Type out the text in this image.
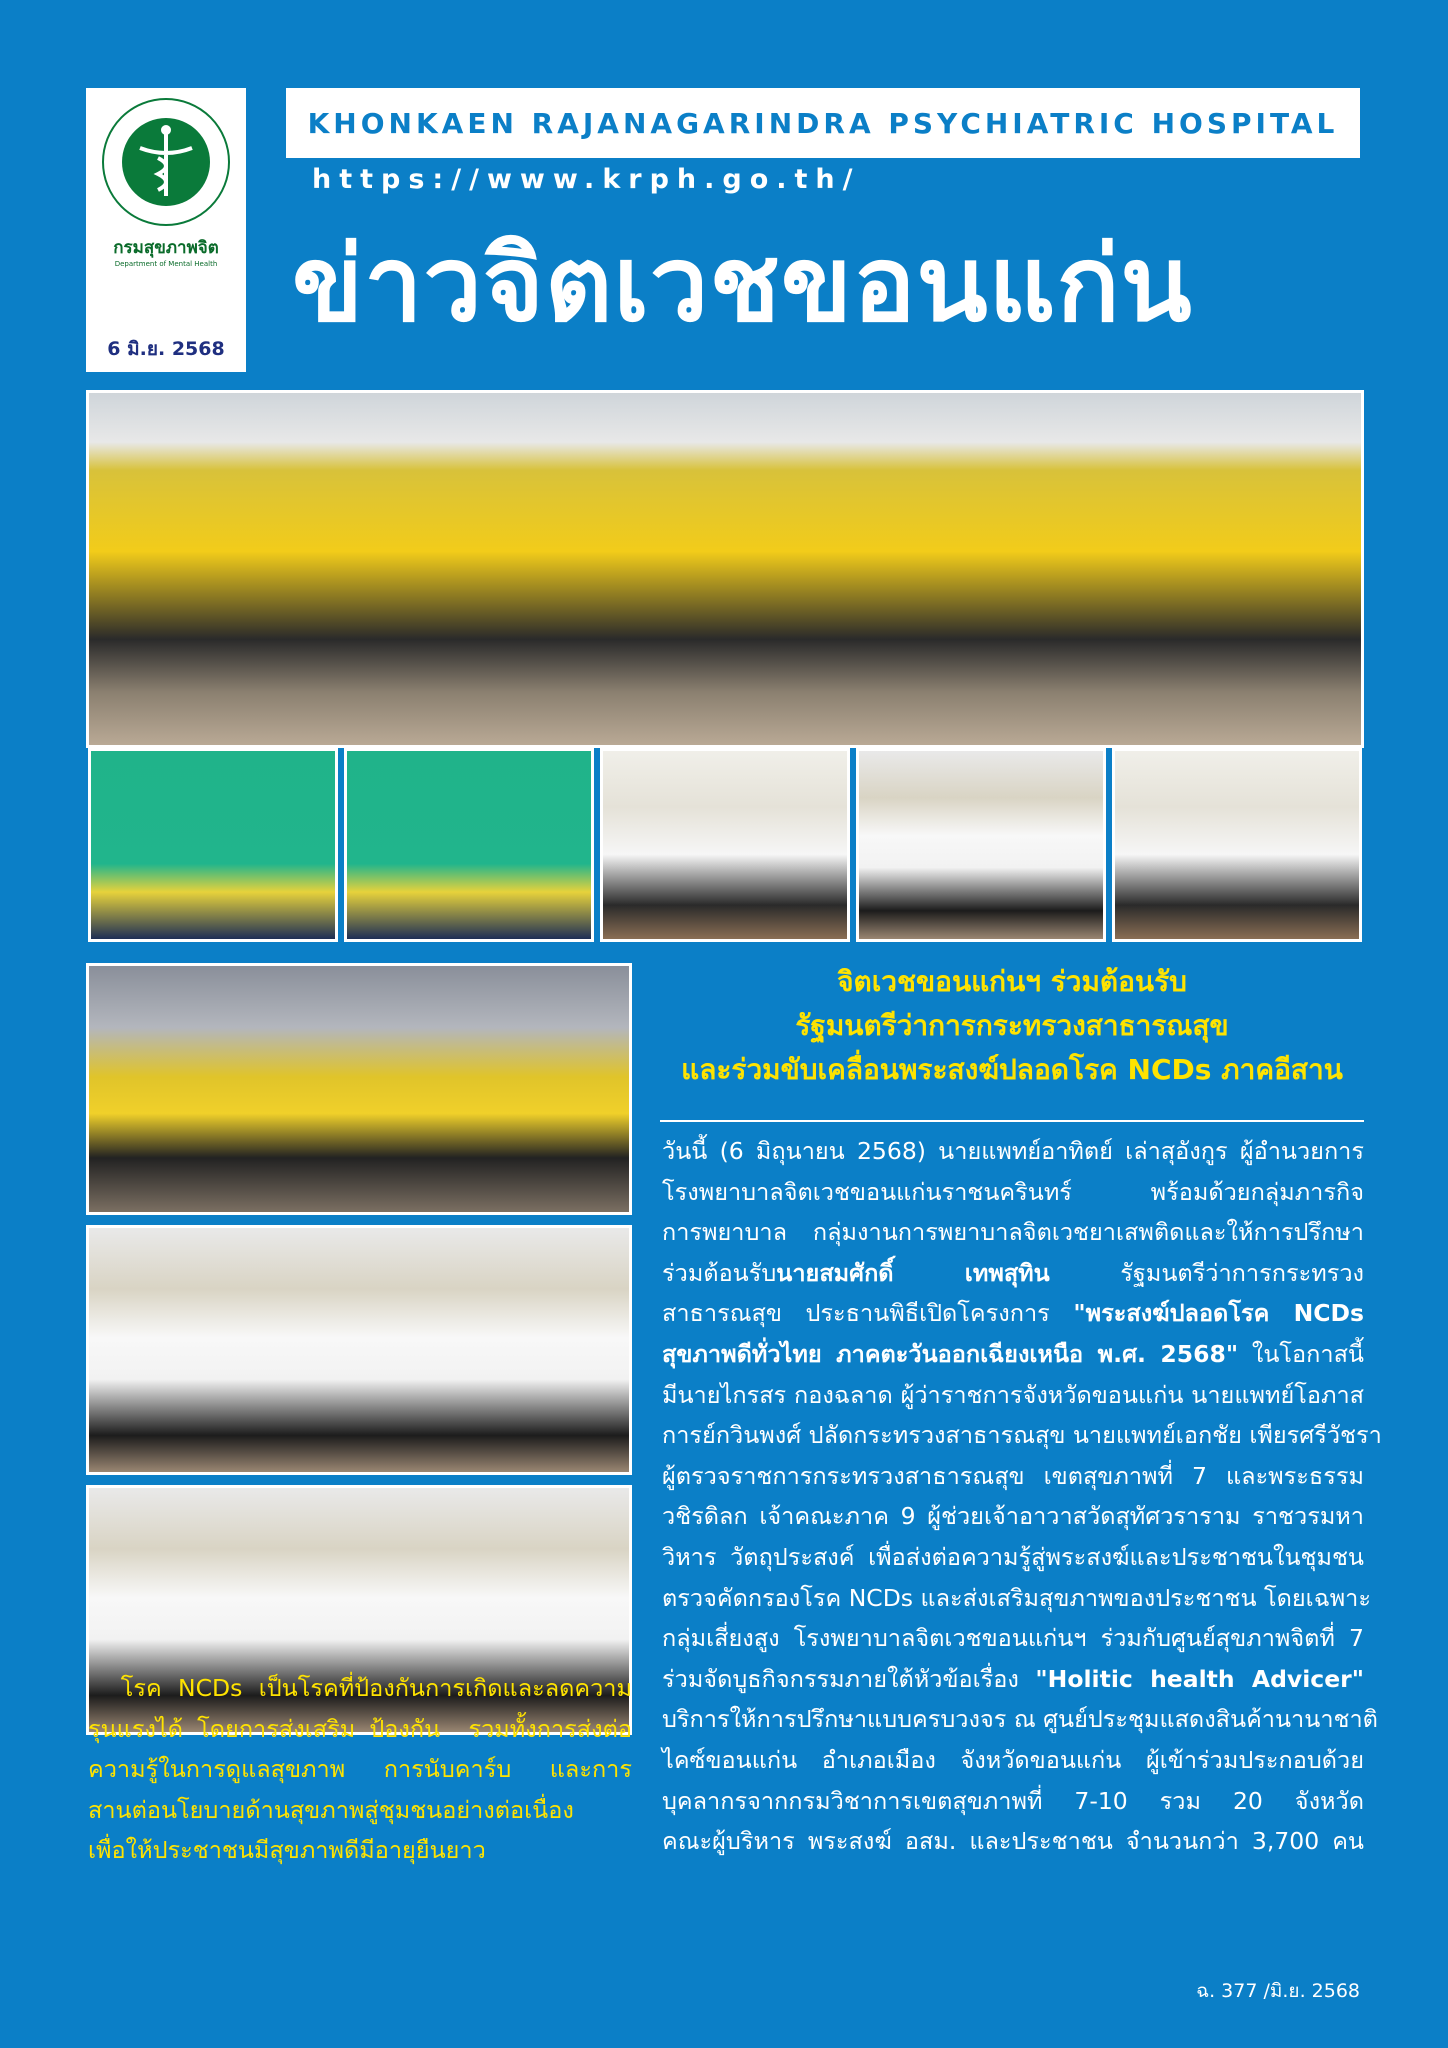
กรมสุขภาพจิต
Department of Mental Health
6 มิ.ย. 2568
KHONKAEN RAJANAGARINDRA PSYCHIATRIC HOSPITAL
https://www.krph.go.th/
ข่าวจิตเวชขอนแก่น
จิตเวชขอนแก่นฯ ร่วมต้อนรับ
รัฐมนตรีว่าการกระทรวงสาธารณสุข
และร่วมขับเคลื่อนพระสงฆ์ปลอดโรค NCDs ภาคอีสาน
วันนี้ (6 มิถุนายน 2568) นายแพทย์อาทิตย์ เล่าสุอังกูร ผู้อำนวยการ
โรงพยาบาลจิตเวชขอนแก่นราชนครินทร์ พร้อมด้วยกลุ่มภารกิจ
การพยาบาล กลุ่มงานการพยาบาลจิตเวชยาเสพติดและให้การปรึกษา
ร่วมต้อนรับนายสมศักดิ์ เทพสุทิน รัฐมนตรีว่าการกระทรวง
สาธารณสุข ประธานพิธีเปิดโครงการ "พระสงฆ์ปลอดโรค NCDs
สุขภาพดีทั่วไทย ภาคตะวันออกเฉียงเหนือ พ.ศ. 2568" ในโอกาสนี้
มีนายไกรสร กองฉลาด ผู้ว่าราชการจังหวัดขอนแก่น นายแพทย์โอภาส
การย์กวินพงศ์ ปลัดกระทรวงสาธารณสุข นายแพทย์เอกชัย เพียรศรีวัชรา
ผู้ตรวจราชการกระทรวงสาธารณสุข เขตสุขภาพที่ 7 และพระธรรม
วชิรดิลก เจ้าคณะภาค 9 ผู้ช่วยเจ้าอาวาสวัดสุทัศวราราม ราชวรมหา
วิหาร วัตถุประสงค์ เพื่อส่งต่อความรู้สู่พระสงฆ์และประชาชนในชุมชน
ตรวจคัดกรองโรค NCDs และส่งเสริมสุขภาพของประชาชน โดยเฉพาะ
กลุ่มเสี่ยงสูง โรงพยาบาลจิตเวชขอนแก่นฯ ร่วมกับศูนย์สุขภาพจิตที่ 7
ร่วมจัดบูธกิจกรรมภายใต้หัวข้อเรื่อง "Holitic health Advicer"
บริการให้การปรึกษาแบบครบวงจร ณ ศูนย์ประชุมแสดงสินค้านานาชาติ
ไคซ์ขอนแก่น อำเภอเมือง จังหวัดขอนแก่น ผู้เข้าร่วมประกอบด้วย
บุคลากรจากกรมวิชาการเขตสุขภาพที่ 7-10 รวม 20 จังหวัด
คณะผู้บริหาร พระสงฆ์ อสม. และประชาชน จำนวนกว่า 3,700 คน
โรค NCDs เป็นโรคที่ป้องกันการเกิดและลดความ
รุนแรงได้ โดยการส่งเสริม ป้องกัน  รวมทั้งการส่งต่อ
ความรู้ในการดูแลสุขภาพ การนับคาร์บ และการ
สานต่อนโยบายด้านสุขภาพสู่ชุมชนอย่างต่อเนื่อง
เพื่อให้ประชาชนมีสุขภาพดีมีอายุยืนยาว
ฉ. 377 /มิ.ย. 2568
